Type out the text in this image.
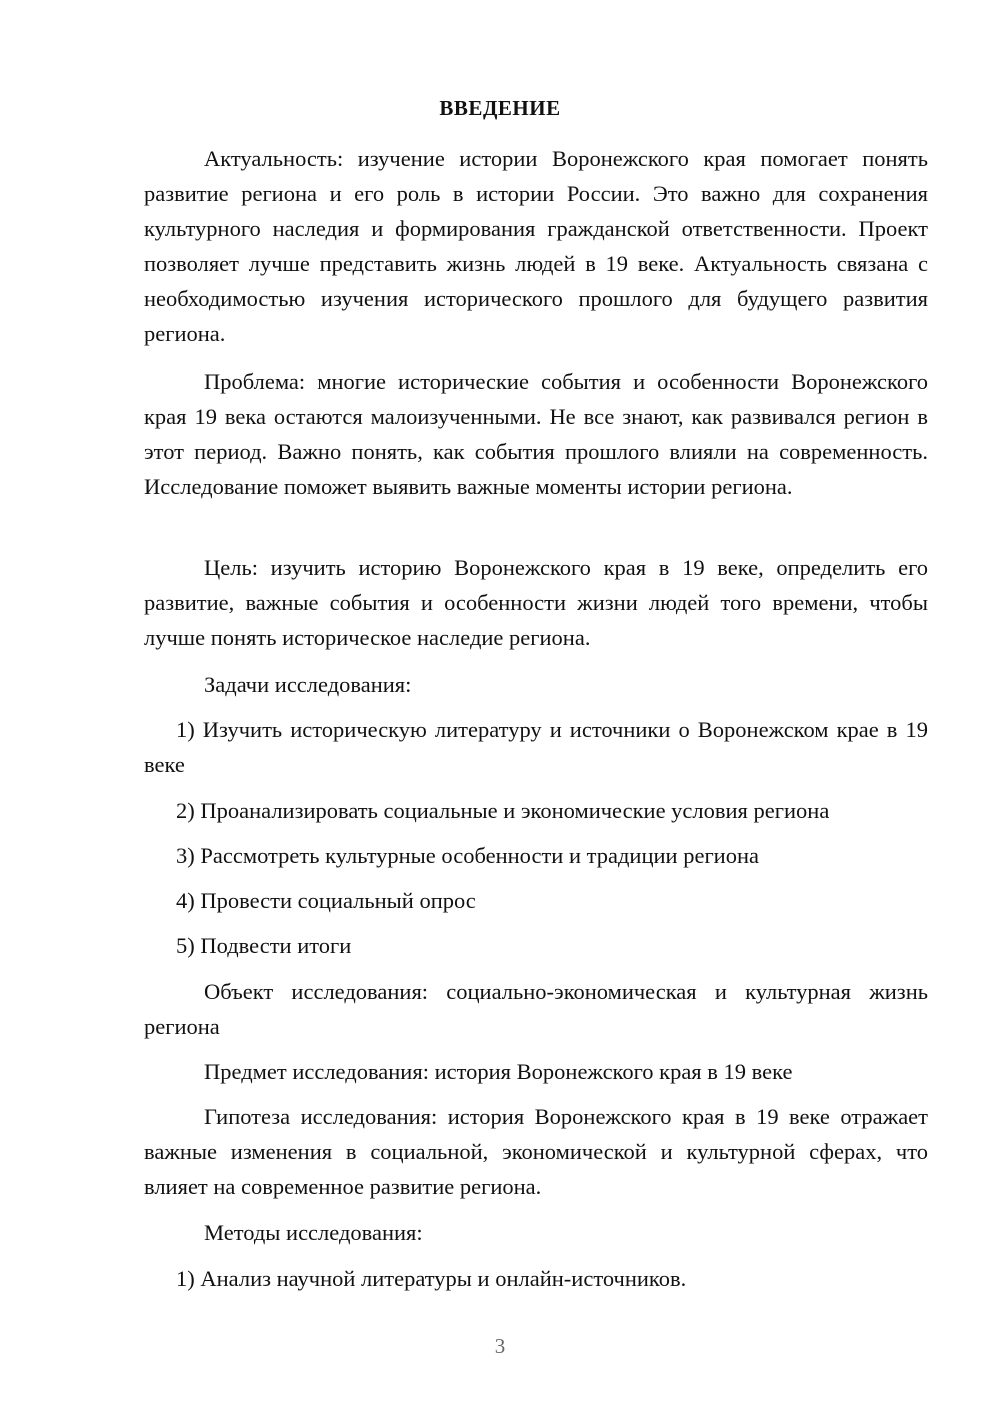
ВВЕДЕНИЕ

Актуальность: изучение истории Воронежского края помогает понять развитие региона и его роль в истории России. Это важно для сохранения культурного наследия и формирования гражданской ответственности. Проект позволяет лучше представить жизнь людей в 19 веке. Актуальность связана с необходимостью изучения исторического прошлого для будущего развития региона.

Проблема: многие исторические события и особенности Воронежского края 19 века остаются малоизученными. Не все знают, как развивался регион в этот период. Важно понять, как события прошлого влияли на современность. Исследование поможет выявить важные моменты истории региона.

Цель: изучить историю Воронежского края в 19 веке, определить его развитие, важные события и особенности жизни людей того времени, чтобы лучше понять историческое наследие региона.

Задачи исследования:

1) Изучить историческую литературу и источники о Воронежском крае в 19 веке

2) Проанализировать социальные и экономические условия региона

3) Рассмотреть культурные особенности и традиции региона

4) Провести социальный опрос

5) Подвести итоги

Объект исследования: социально-экономическая и культурная жизнь региона

Предмет исследования: история Воронежского края в 19 веке

Гипотеза исследования: история Воронежского края в 19 веке отражает важные изменения в социальной, экономической и культурной сферах, что влияет на современное развитие региона.

Методы исследования:

1) Анализ научной литературы и онлайн-источников.

3
